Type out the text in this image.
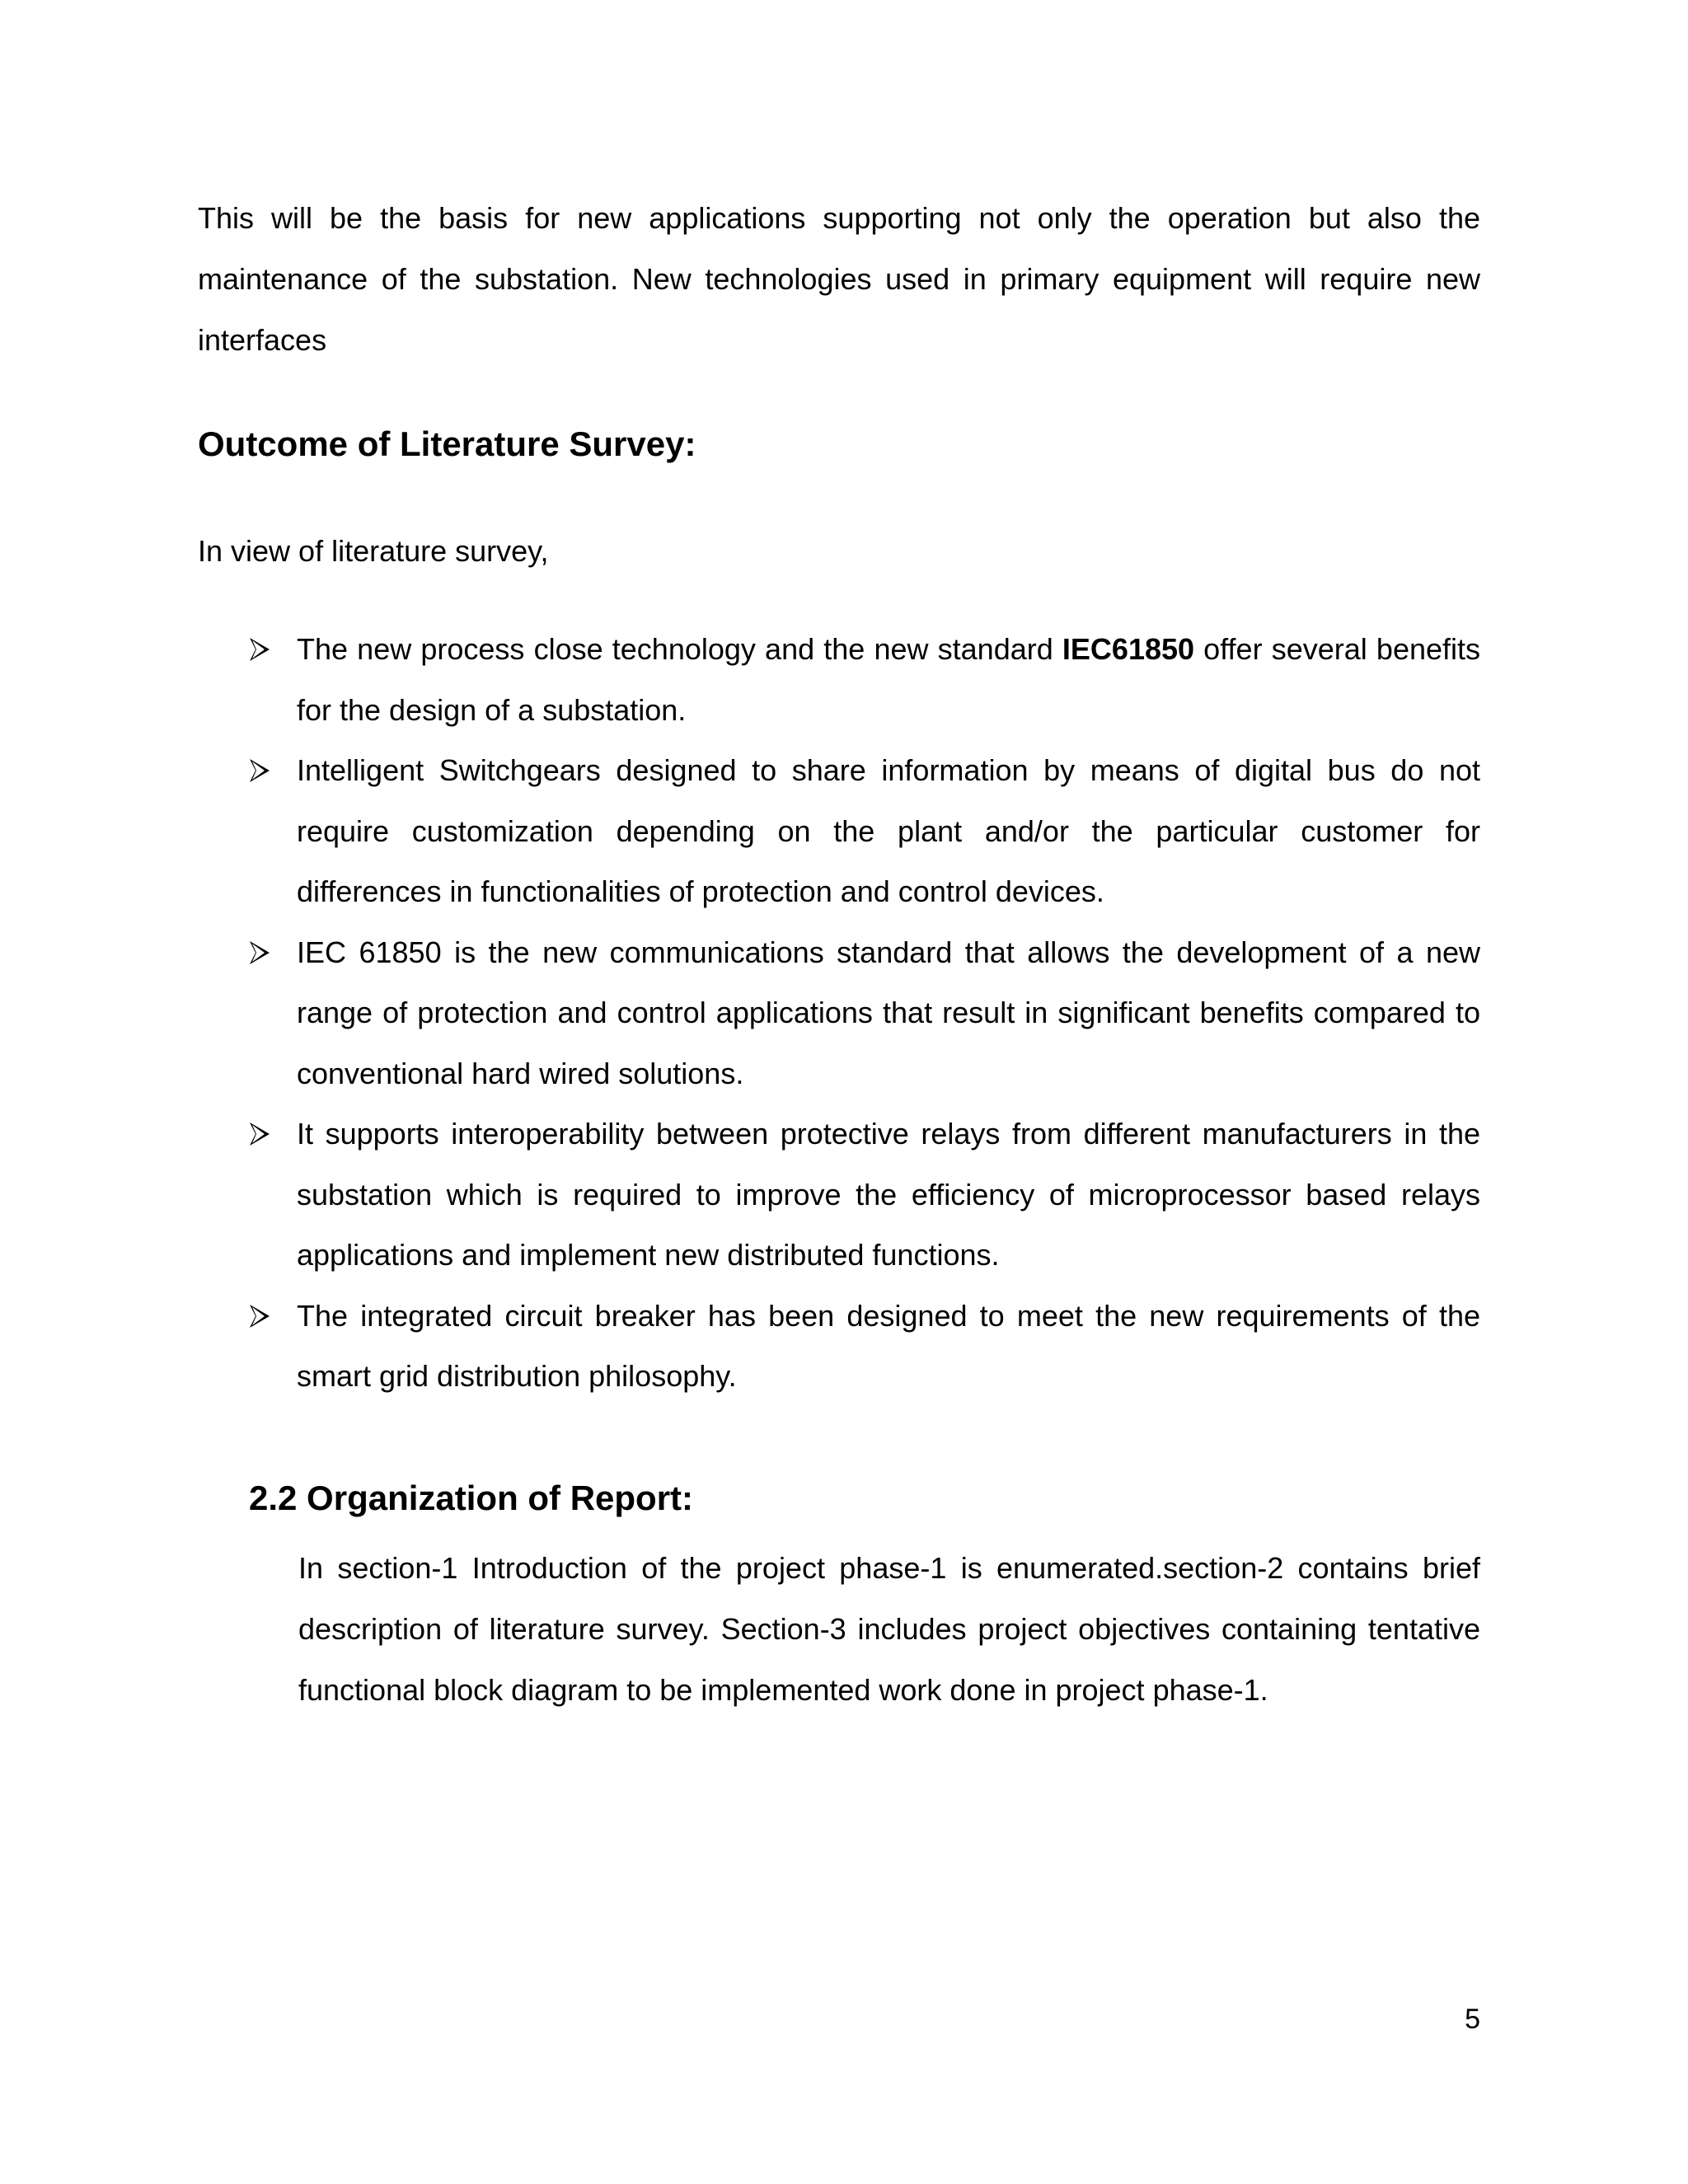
This will be the basis for new applications supporting not only the operation but also the maintenance of the substation. New technologies used in primary equipment will require new interfaces

Outcome of Literature Survey:

In view of literature survey,

The new process close technology and the new standard IEC61850 offer several benefits for the design of a substation.
Intelligent Switchgears designed to share information by means of digital bus do not require customization depending on the plant and/or the particular customer for differences in functionalities of protection and control devices.
IEC 61850 is the new communications standard that allows the development of a new range of protection and control applications that result in significant benefits compared to conventional hard wired solutions.
It supports interoperability between protective relays from different manufacturers in the substation which is required to improve the efficiency of microprocessor based relays applications and implement new distributed functions.
The integrated circuit breaker has been designed to meet the new requirements of the smart grid distribution philosophy.
2.2 Organization of Report:

In section-1 Introduction of the project phase-1 is enumerated.section-2 contains brief description of literature survey. Section-3 includes project objectives containing tentative functional block diagram to be implemented work done in project phase-1.

5
